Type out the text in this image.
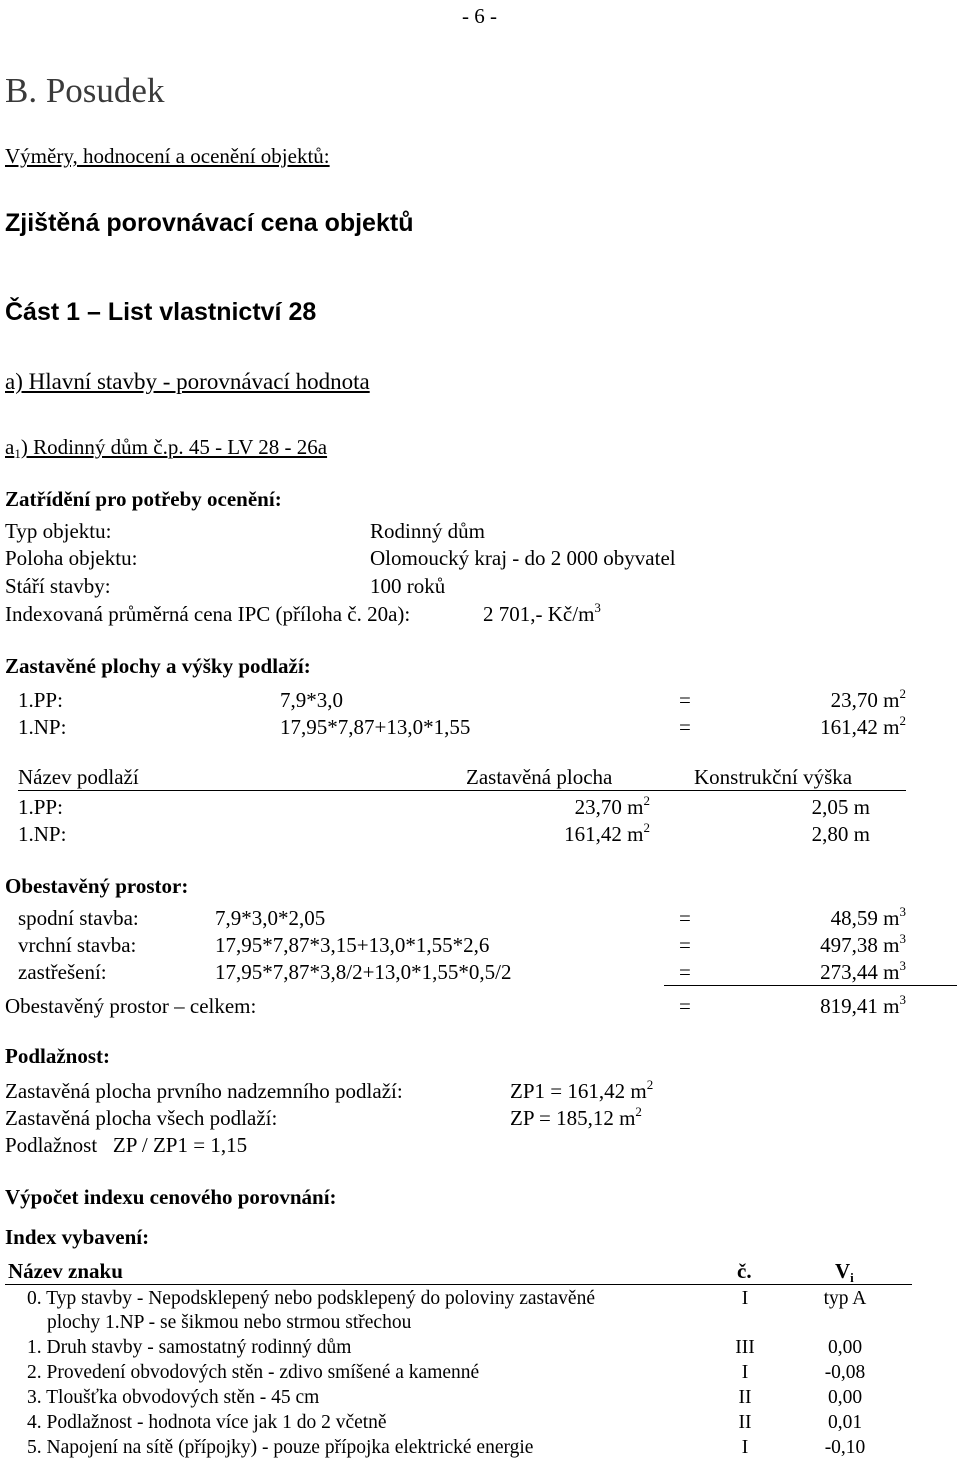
- 6 -
B. Posudek
Výměry, hodnocení a ocenění objektů:
Zjištěná porovnávací cena objektů
Část 1 – List vlastnictví 28
a) Hlavní stavby - porovnávací hodnota
$a_1$) Rodinný dům č.p. 45 - LV 28 - 26a
Zatřídění pro potřeby ocenění:
Typ objektu:	Rodinný dům
Poloha objektu:	Olomoucký kraj - do 2 000 obyvatel
Stáří stavby:	100 roků
Indexovaná průměrná cena IPC (příloha č. 20a):	2 701,- $Kč/m^3$
Zastavěné plochy a výšky podlaží:
1.PP:	7,9*3,0	=	23,70 $m^2$
1.NP:	17,95*7,87+13,0*1,55	=	161,42 $m^2$
Název podlaží	Zastavěná plocha	Konstrukční výška
1.PP:	23,70 $m^2$	2,05 m
1.NP:	161,42 $m^2$	2,80 m
Obestavěný prostor:
spodní stavba:	7,9*3,0*2,05	=	48,59 $m^3$
vrchní stavba:	17,95*7,87*3,15+13,0*1,55*2,6	=	497,38 $m^3$
zastřešení:	17,95*7,87*3,8/2+13,0*1,55*0,5/2	=	273,44 $m^3$
Obestavěný prostor – celkem:	=	819,41 $m^3$
Podlažnost:
Zastavěná plocha prvního nadzemního podlaží:	ZP1 = 161,42 $m^2$
Zastavěná plocha všech podlaží:	ZP = 185,12 $m^2$
Podlažnost   ZP / ZP1 = 1,15
Výpočet indexu cenového porovnání:
Index vybavení:
Název znaku	č.	$V_i$
0. Typ stavby - Nepodsklepený nebo podsklepený do poloviny zastavěné
plochy 1.NP - se šikmou nebo strmou střechou
I	typ A
1. Druh stavby - samostatný rodinný dům	III	0,00
2. Provedení obvodových stěn - zdivo smíšené a kamenné	I	-0,08
3. Tloušťka obvodových stěn - 45 cm	II	0,00
4. Podlažnost - hodnota více jak 1 do 2 včetně	II	0,01
5. Napojení na sítě (přípojky) - pouze přípojka elektrické energie	I	-0,10
